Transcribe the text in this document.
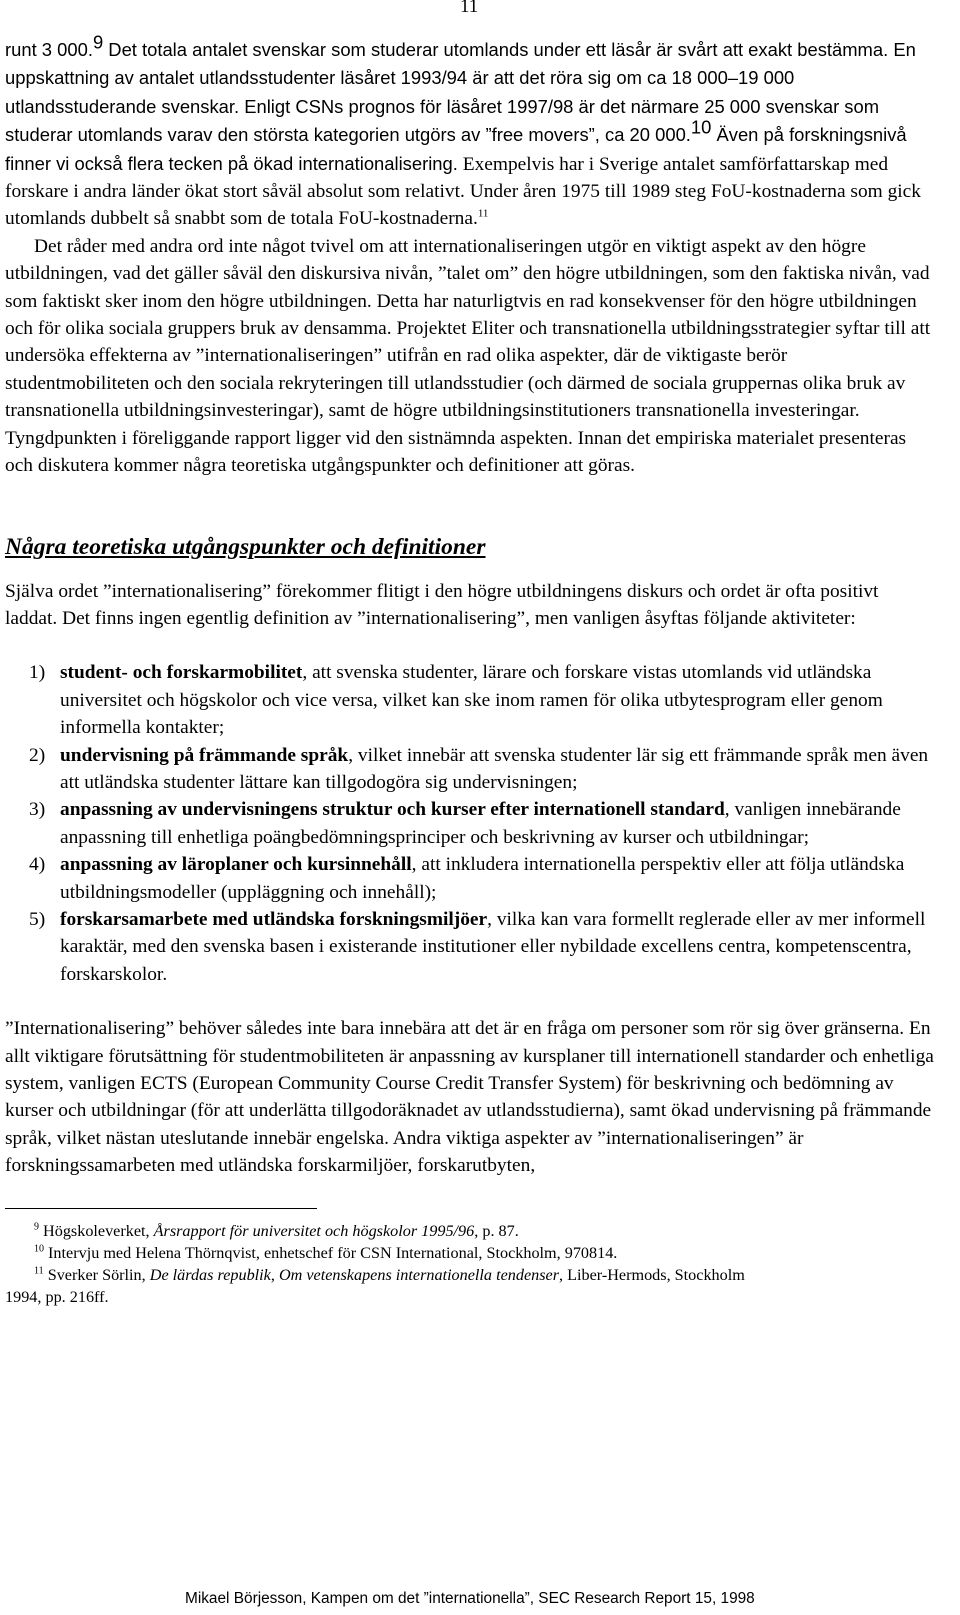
11

runt 3 000.$^9$ Det totala antalet svenskar som studerar utomlands under ett läsår är svårt att exakt bestämma. En uppskattning av antalet utlandsstudenter läsåret 1993/94 är att det röra sig om ca 18 000–19 000 utlandsstuderande svenskar. Enligt CSNs prognos för läsåret 1997/98 är det närmare 25 000 svenskar som studerar utomlands varav den största kategorien utgörs av ”free movers”, ca 20 000.10 Även på forskningsnivå finner vi också flera tecken på ökad internationalisering. Exempelvis har i Sverige antalet samförfattarskap med forskare i andra länder ökat stort såväl absolut som relativt. Under åren 1975 till 1989 steg FoU-kostnaderna som gick utomlands dubbelt så snabbt som de totala FoU-kostnaderna.$^{11}$

Det råder med andra ord inte något tvivel om att internationaliseringen utgör en viktigt aspekt av den högre utbildningen, vad det gäller såväl den diskursiva nivån, ”talet om” den högre utbildningen, som den faktiska nivån, vad som faktiskt sker inom den högre utbildningen. Detta har naturligtvis en rad konsekvenser för den högre utbildningen och för olika sociala gruppers bruk av densamma. Projektet Eliter och transnationella utbildningsstrategier syftar till att undersöka effekterna av ”internationaliseringen” utifrån en rad olika aspekter, där de viktigaste berör studentmobiliteten och den sociala rekryteringen till utlandsstudier (och därmed de sociala gruppernas olika bruk av transnationella utbildningsinvesteringar), samt de högre utbildningsinstitutioners transnationella investeringar. Tyngdpunkten i föreliggande rapport ligger vid den sistnämnda aspekten. Innan det empiriska materialet presenteras och diskutera kommer några teoretiska utgångspunkter och definitioner att göras.

Några teoretiska utgångspunkter och definitioner

Själva ordet ”internationalisering” förekommer flitigt i den högre utbildningens diskurs och ordet är ofta positivt laddat. Det finns ingen egentlig definition av ”internationalisering”, men vanligen åsyftas följande aktiviteter:

1) student- och forskarmobilitet, att svenska studenter, lärare och forskare vistas utomlands vid utländska universitet och högskolor och vice versa, vilket kan ske inom ramen för olika utbytesprogram eller genom informella kontakter;
2) undervisning på främmande språk, vilket innebär att svenska studenter lär sig ett främmande språk men även att utländska studenter lättare kan tillgodogöra sig undervisningen;
3) anpassning av undervisningens struktur och kurser efter internationell standard, vanligen innebärande anpassning till enhetliga poängbedömningsprinciper och beskrivning av kurser och utbildningar;
4) anpassning av läroplaner och kursinnehåll, att inkludera internationella perspektiv eller att följa utländska utbildningsmodeller (uppläggning och innehåll);
5) forskarsamarbete med utländska forskningsmiljöer, vilka kan vara formellt reglerade eller av mer informell karaktär, med den svenska basen i existerande institutioner eller nybildade excellens centra, kompetenscentra, forskarskolor.

”Internationalisering” behöver således inte bara innebära att det är en fråga om personer som rör sig över gränserna. En allt viktigare förutsättning för studentmobiliteten är anpassning av kursplaner till internationell standarder och enhetliga system, vanligen ECTS (European Community Course Credit Transfer System) för beskrivning och bedömning av kurser och utbildningar (för att underlätta tillgodoräknadet av utlandsstudierna), samt ökad undervisning på främmande språk, vilket nästan uteslutande innebär engelska. Andra viktiga aspekter av ”internationaliseringen” är forskningssamarbeten med utländska forskarmiljöer, forskarutbyten,

$^9$ Högskoleverket, Årsrapport för universitet och högskolor 1995/96, p. 87.

$^{10}$ Intervju med Helena Thörnqvist, enhetschef för CSN International, Stockholm, 970814.

$^{11}$ Sverker Sörlin, De lärdas republik, Om vetenskapens internationella tendenser, Liber-Hermods, Stockholm

1994, pp. 216ff.

Mikael Börjesson, Kampen om det ”internationella”, SEC Research Report 15, 1998
